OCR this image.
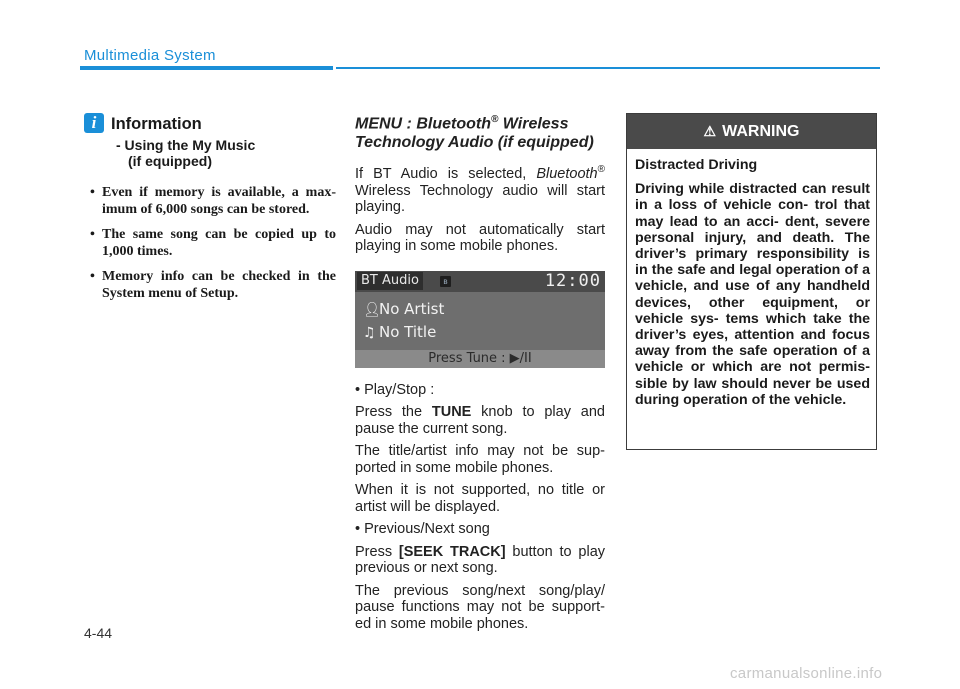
Multimedia System
i Information
- Using the My Music
(if equipped)
• Even if memory is available, a max- imum of 6,000 songs can be stored.
• The same song can be copied up to 1,000 times.
• Memory info can be checked in the System menu of Setup.
MENU : Bluetooth® Wireless Technology Audio (if equipped)

If BT Audio is selected, Bluetooth® Wireless Technology audio will start playing.

Audio may not automatically start playing in some mobile phones.

BT Audio	ʙ	12:00
👤︎No Artist
♫ No Title
Press Tune : ▶/II

• Play/Stop :

Press the TUNE knob to play and pause the current song.

The title/artist info may not be sup- ported in some mobile phones.

When it is not supported, no title or artist will be displayed.

• Previous/Next song

Press [SEEK TRACK] button to play previous or next song.

The previous song/next song/play/ pause functions may not be support- ed in some mobile phones.

⚠ WARNING

Distracted Driving

Driving while distracted can result in a loss of vehicle con- trol that may lead to an acci- dent, severe personal injury, and death. The driver’s primary responsibility is in the safe and legal operation of a vehicle, and use of any handheld devices, other equipment, or vehicle sys- tems which take the driver’s eyes, attention and focus away from the safe operation of a vehicle or which are not permis- sible by law should never be used during operation of the vehicle.

4-44
carmanualsonline.info
